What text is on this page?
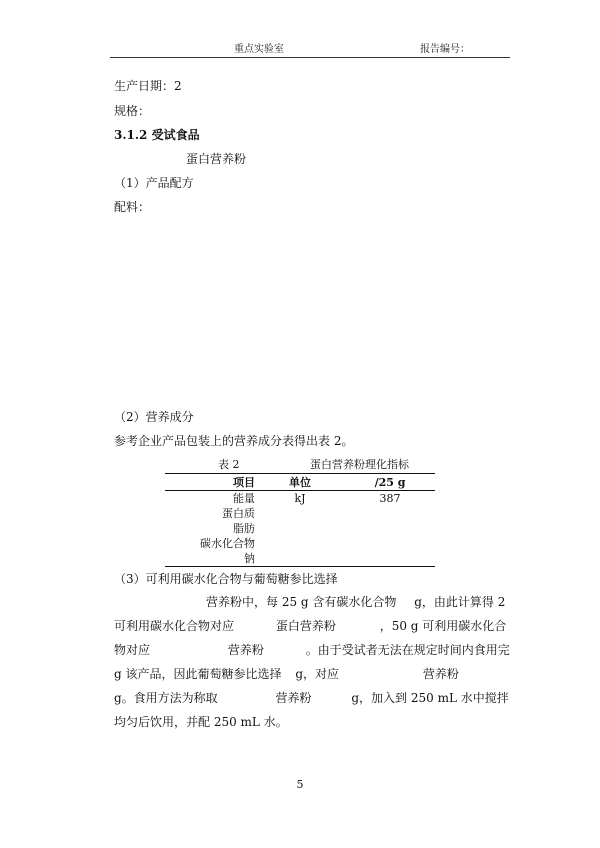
重点实验室	报告编号：
生产日期：2
规格：
3.1.2 受试食品
蛋白营养粉
（1）产品配方
配料：
（2）营养成分
参考企业产品包装上的营养成分表得出表 2。
表 2	蛋白营养粉理化指标
项目	单位	/25 g
能量	kJ	387
蛋白质		
脂肪		
碳水化合物		
钠		
（3）可利用碳水化合物与葡萄糖参比选择
营养粉中，每 25 g 含有碳水化合物 g，由此计算得 2
可利用碳水化合物对应	蛋白营养粉	，50 g 可利用碳水化合
物对应	营养粉	。由于受试者无法在规定时间内食用完
g 该产品，因此葡萄糖参比选择 g，对应	营养粉
g。食用方法为称取	营养粉	g，加入到 250 mL 水中搅拌
均匀后饮用，并配 250 mL 水。
5
